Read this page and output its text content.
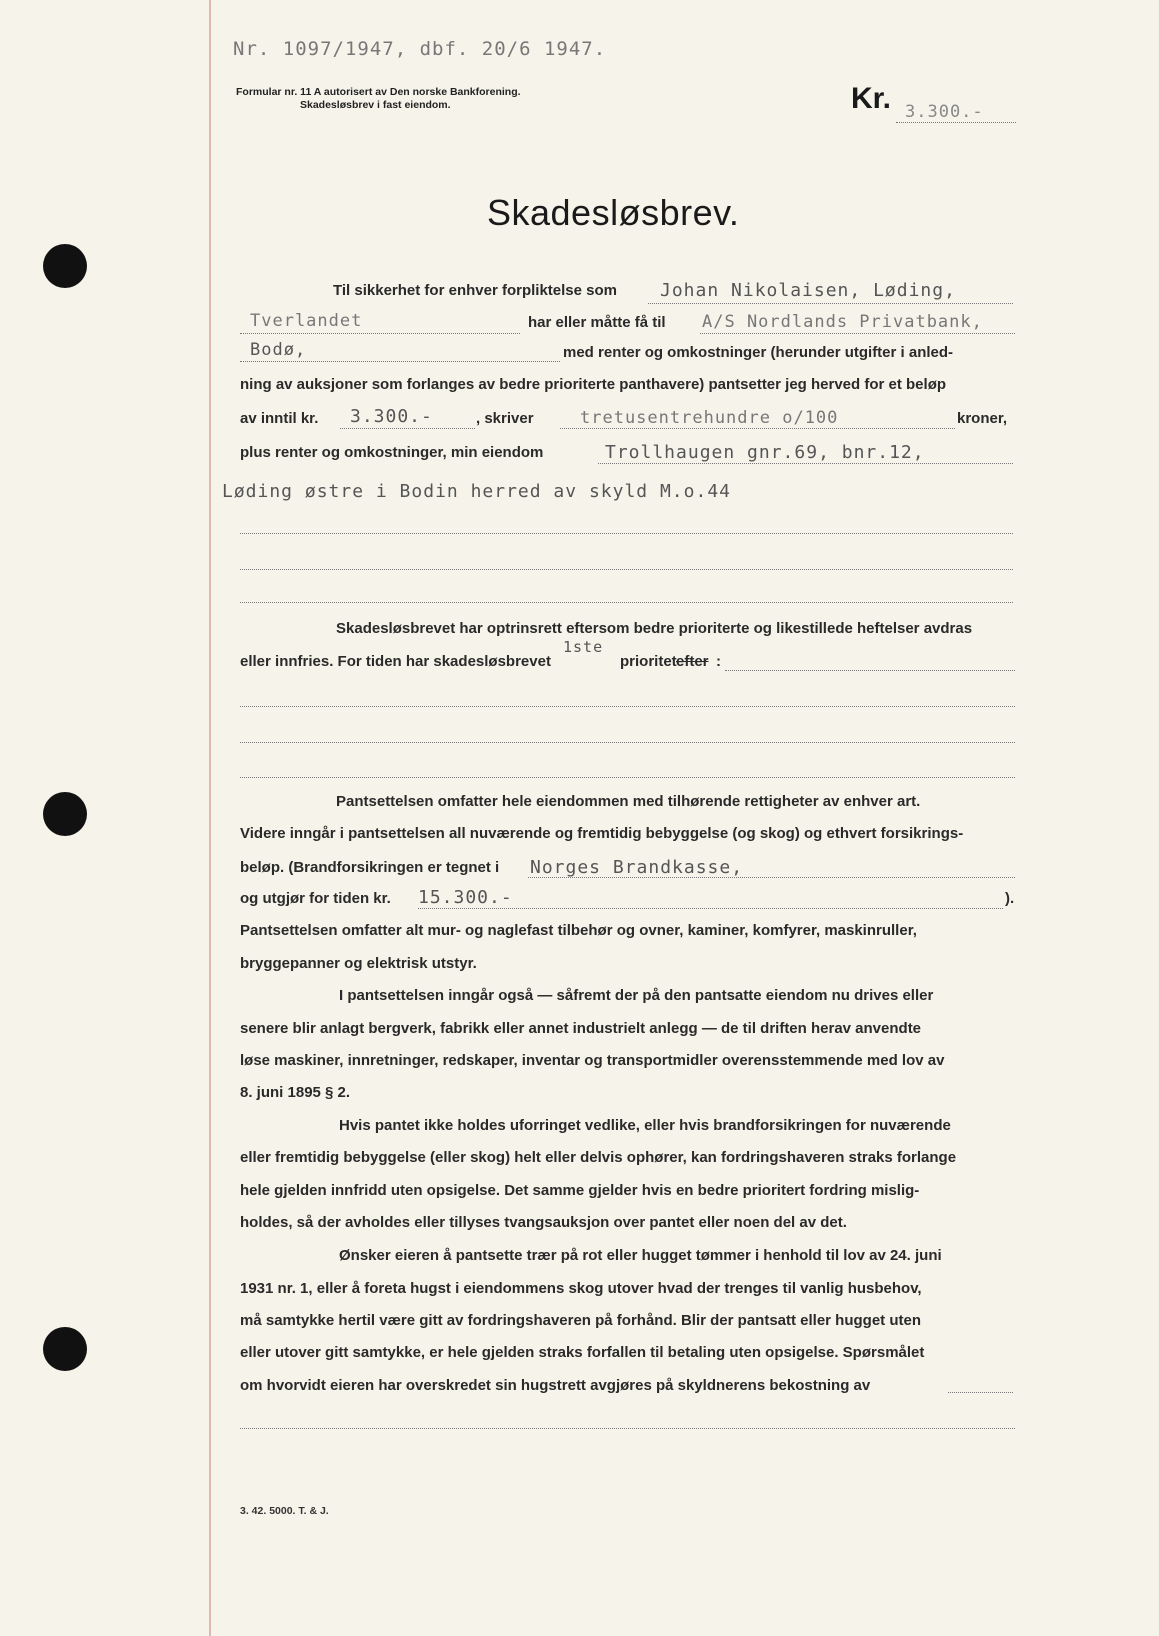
Nr. 1097/1947, dbf. 20/6 1947.
Formular nr. 11 A autorisert av Den norske Bankforening.
Skadesløsbrev i fast eiendom.	Kr. 3.300.-
Skadesløsbrev.
Til sikkerhet for enhver forpliktelse som Johan Nikolaisen, Løding,
Tverlandet	har eller måtte få til A/S Nordlands Privatbank,
Bodø,	med renter og omkostninger (herunder utgifter i anled-
ning av auksjoner som forlanges av bedre prioriterte panthavere) pantsetter jeg herved for et beløp
av inntil kr. 3.300.-	, skriver	tretusentrehundre o/100	kroner,
plus renter og omkostninger, min eiendom	Trollhaugen gnr.69, bnr.12,
Løding østre i Bodin herred av skyld M.o.44
Skadesløsbrevet har optrinsrett eftersom bedre prioriterte og likestillede heftelser avdras
eller innfries. For tiden har skadesløsbrevet
1ste
prioritet efter :
Pantsettelsen omfatter hele eiendommen med tilhørende rettigheter av enhver art.
Videre inngår i pantsettelsen all nuværende og fremtidig bebyggelse (og skog) og ethvert forsikrings-
beløp. (Brandforsikringen er tegnet i Norges Brandkasse,
og utgjør for tiden kr. 15.300.-	).
Pantsettelsen omfatter alt mur- og naglefast tilbehør og ovner, kaminer, komfyrer, maskinruller,
bryggepanner og elektrisk utstyr.
I pantsettelsen inngår også — såfremt der på den pantsatte eiendom nu drives eller
senere blir anlagt bergverk, fabrikk eller annet industrielt anlegg — de til driften herav anvendte
løse maskiner, innretninger, redskaper, inventar og transportmidler overensstemmende med lov av
8. juni 1895 § 2.
Hvis pantet ikke holdes uforringet vedlike, eller hvis brandforsikringen for nuværende
eller fremtidig bebyggelse (eller skog) helt eller delvis ophører, kan fordringshaveren straks forlange
hele gjelden innfridd uten opsigelse. Det samme gjelder hvis en bedre prioritert fordring mislig-
holdes, så der avholdes eller tillyses tvangsauksjon over pantet eller noen del av det.
Ønsker eieren å pantsette trær på rot eller hugget tømmer i henhold til lov av 24. juni
1931 nr. 1, eller å foreta hugst i eiendommens skog utover hvad der trenges til vanlig husbehov,
må samtykke hertil være gitt av fordringshaveren på forhånd. Blir der pantsatt eller hugget uten
eller utover gitt samtykke, er hele gjelden straks forfallen til betaling uten opsigelse. Spørsmålet
om hvorvidt eieren har overskredet sin hugstrett avgjøres på skyldnerens bekostning av
3. 42. 5000. T. & J.
